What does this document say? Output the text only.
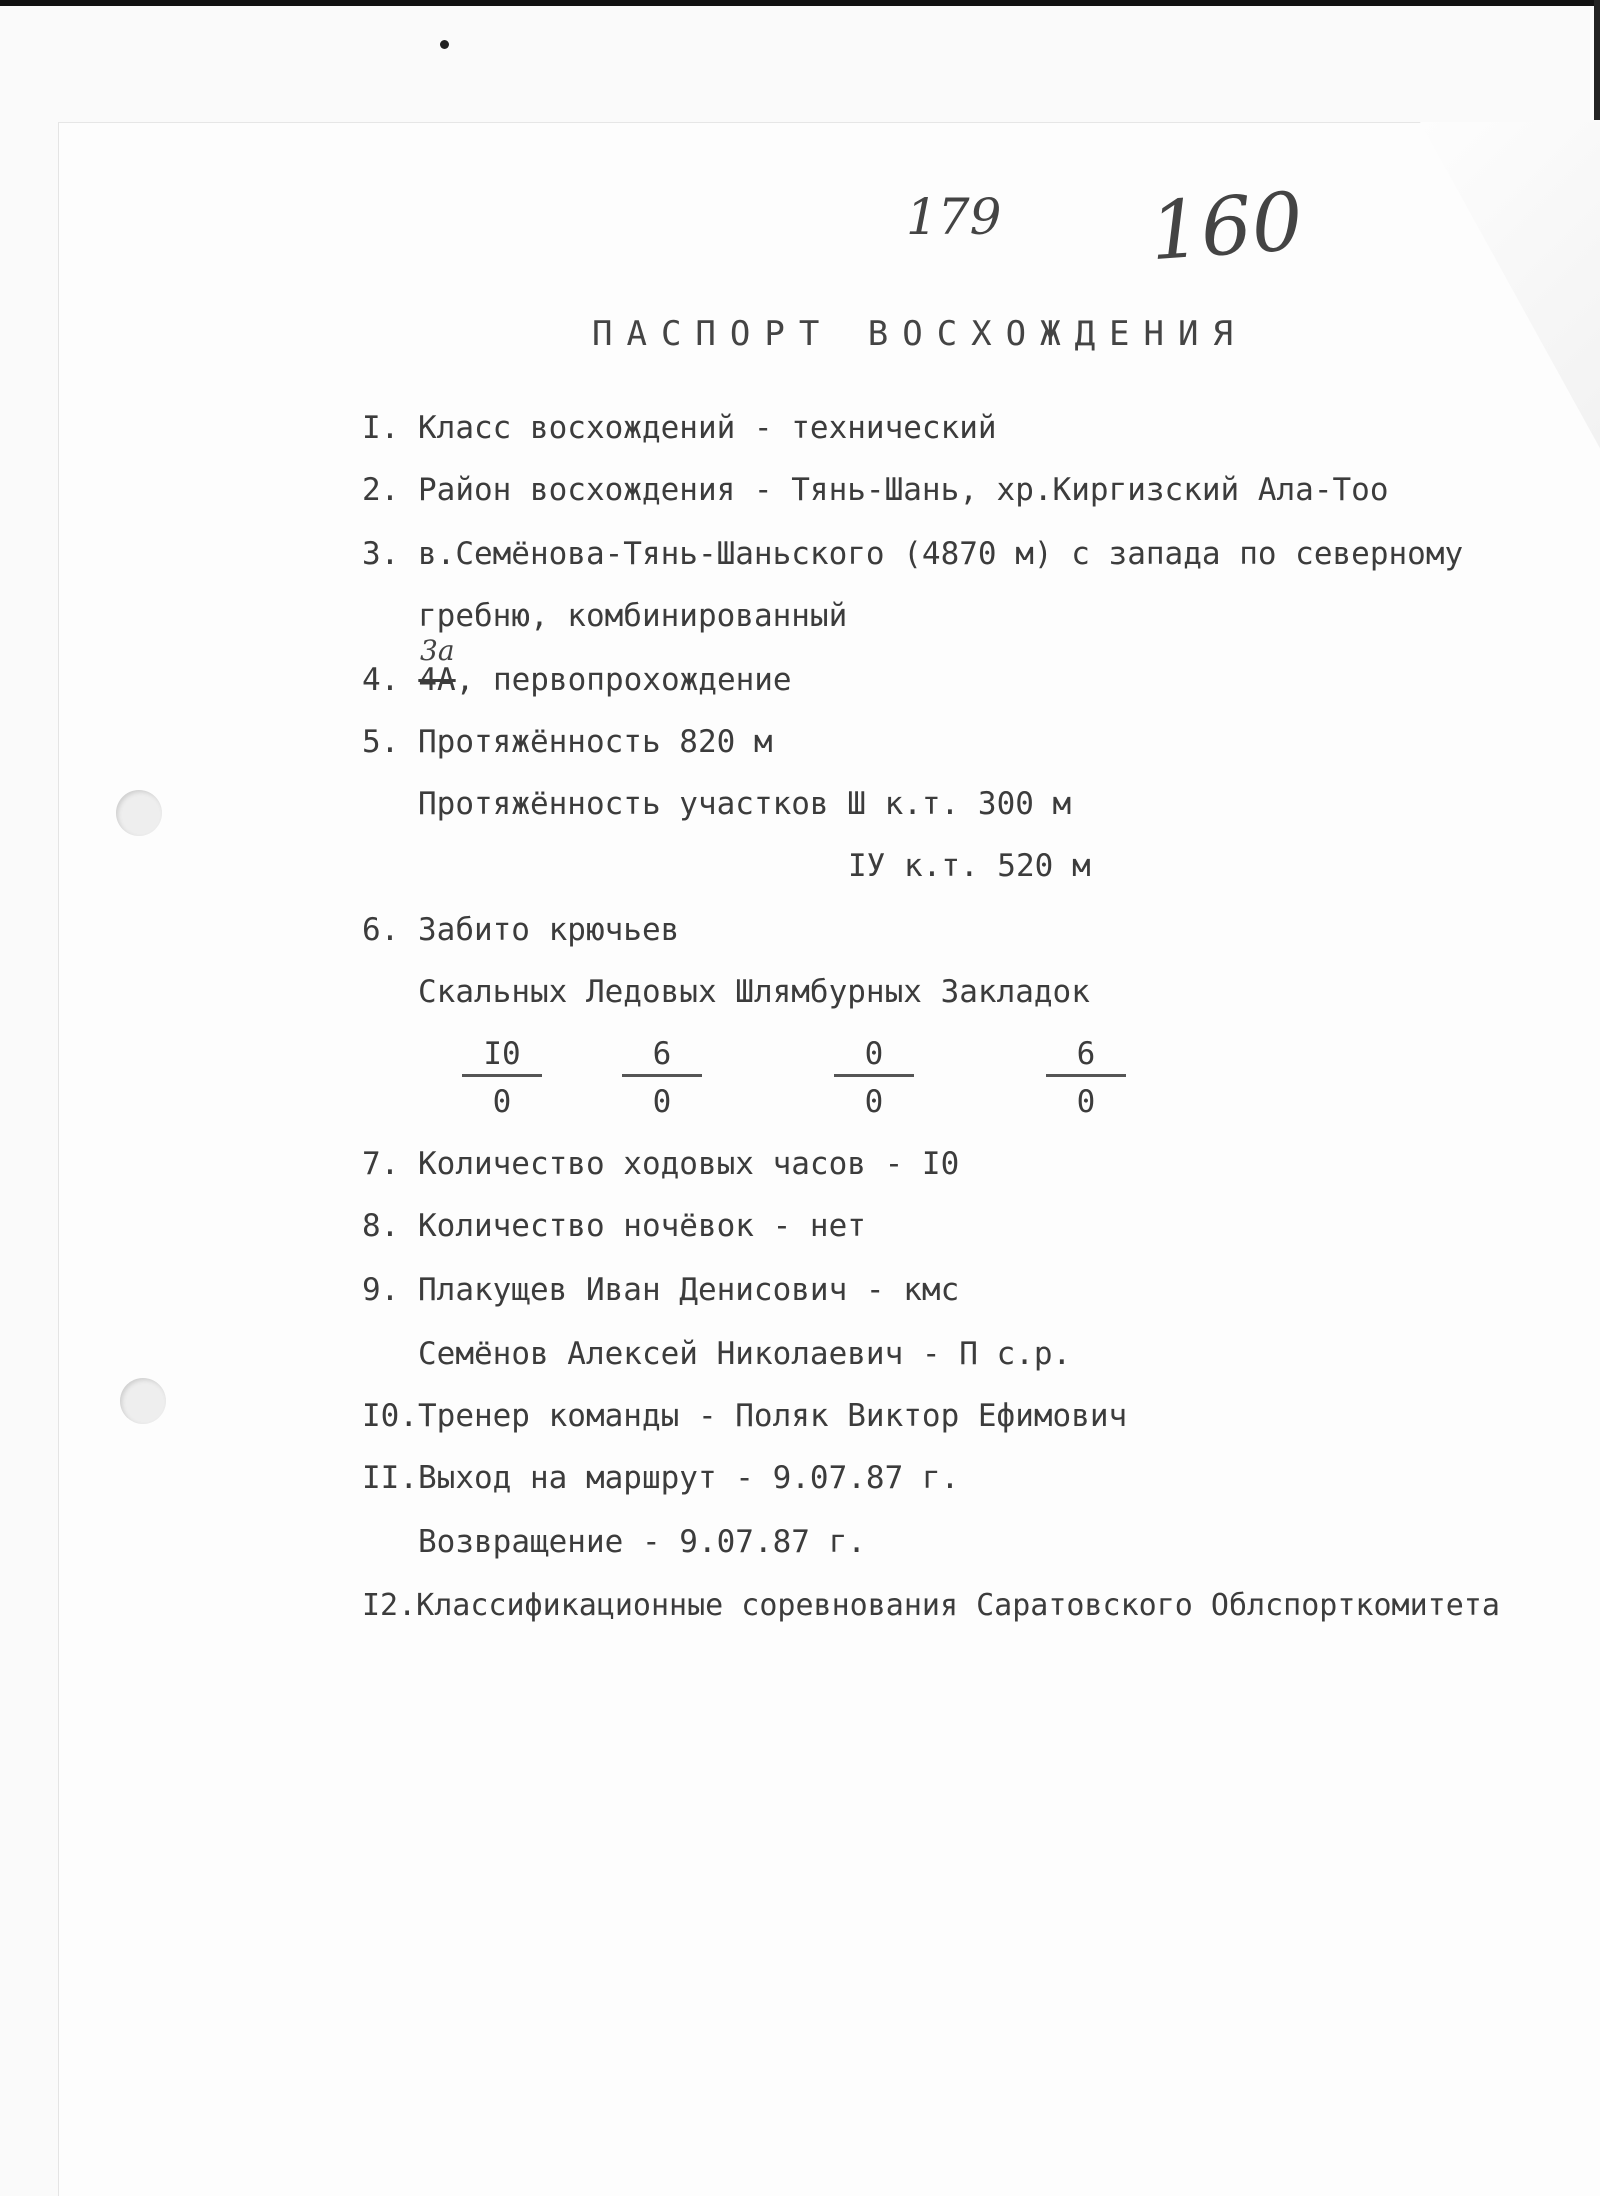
179 160
ПАСПОРТ ВОСХОЖДЕНИЯ
I. Класс восхождений - технический
2. Район восхождения - Тянь-Шань, хр.Киргизский Ала-Тоо
3. в.Семёнова-Тянь-Шаньского (4870 м) с запада по северному
гребню, комбинированный
3а
4. 4А, первопрохождение
5. Протяжённость 820 м
Протяжённость участков Ш к.т. 300 м
IУ к.т. 520 м
6. Забито крючьев
Скальных Ледовых Шлямбурных Закладок
I0
0
6
0
0
0
6
0
7. Количество ходовых часов - I0
8. Количество ночёвок - нет
9. Плакущев Иван Денисович - кмс
Семёнов Алексей Николаевич - П с.р.
I0.Тренер команды - Поляк Виктор Ефимович
II.Выход на маршрут - 9.07.87 г.
Возвращение - 9.07.87 г.
I2.Классификационные соревнования Саратовского Облспорткомитета
